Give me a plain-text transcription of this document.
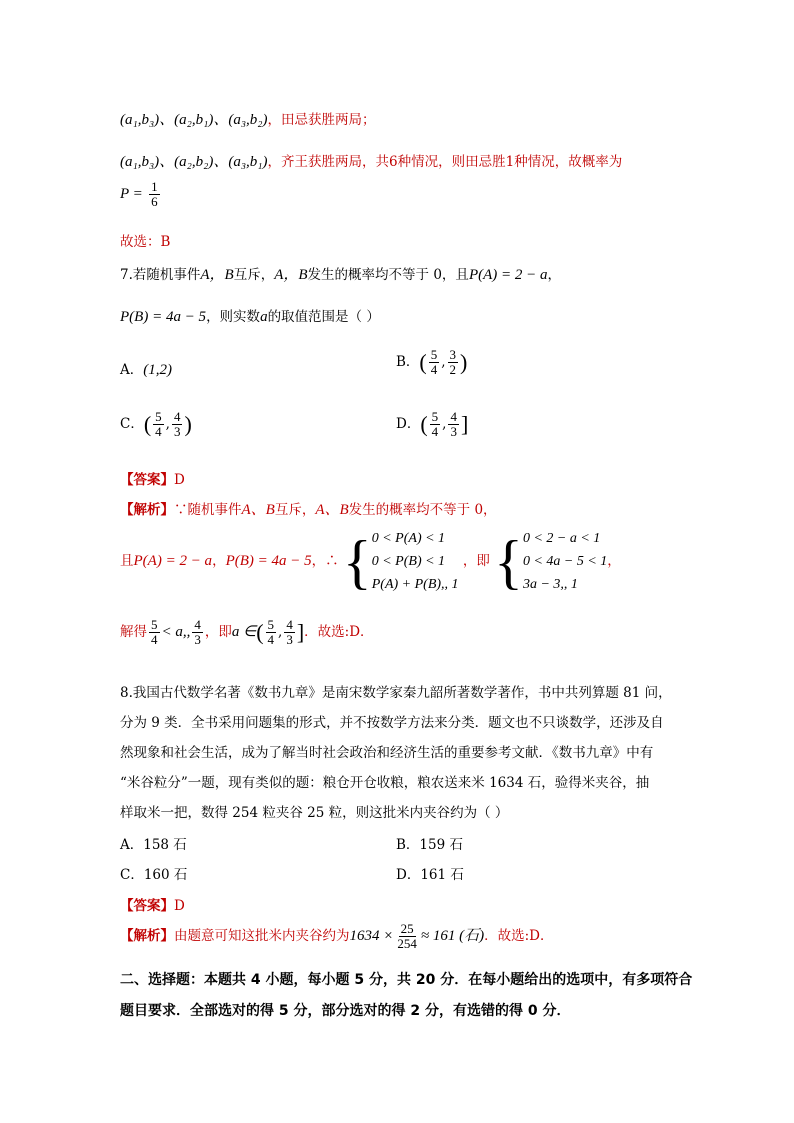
(a₁,b₃)、(a₂,b₁)、(a₃,b₂)，田忌获胜两局；
(a₁,b₃)、(a₂,b₂)、(a₃,b₁)，齐王获胜两局，共6种情况，则田忌胜1种情况，故概率为
$P = \frac{1}{6}$
故选：B
7.若随机事件A，B互斥，A，B发生的概率均不等于 0，且P(A) = 2 − a，
P(B) = 4a − 5，则实数a的取值范围是（ ）
A．(1,2)	B．( $\frac{5}{4}$ , $\frac{3}{2}$ )
C．( $\frac{5}{4}$ , $\frac{4}{3}$ )	D．( $\frac{5}{4}$ , $\frac{4}{3}$ ]
【答案】D
【解析】∵随机事件A、B互斥，A、B发生的概率均不等于 0，
且P(A) = 2 − a，P(B) = 4a − 5，∴ { 0 < P(A) < 1
0 < P(B) < 1
P(A) + P(B),, 1
，即 { 0 < 2 − a < 1
0 < 4a − 5 < 1
3a − 3,, 1
，
解得 $\frac{5}{4} < a$,, $\frac{4}{3}$ ，即a ∈( $\frac{5}{4}$ , $\frac{4}{3}$ ]．故选:D．
8.我国古代数学名著《数书九章》是南宋数学家秦九韶所著数学著作，书中共列算题 81 问，
分为 9 类．全书采用问题集的形式，并不按数学方法来分类．题文也不只谈数学，还涉及自
然现象和社会生活，成为了解当时社会政治和经济生活的重要参考文献．《数书九章》中有
“米谷粒分”一题，现有类似的题：粮仓开仓收粮，粮农送来米 1634 石，验得米夹谷，抽
样取米一把，数得 254 粒夹谷 25 粒，则这批米内夹谷约为（ ）
A．158 石	B．159 石
C．160 石	D．161 石
【答案】D
【解析】由题意可知这批米内夹谷约为$1634 \times \frac{25}{254} \approx 161$ (石)．故选:D．
二、选择题：本题共 4 小题，每小题 5 分，共 20 分．在每小题给出的选项中，有多项符合
题目要求．全部选对的得 5 分，部分选对的得 2 分，有选错的得 0 分．
